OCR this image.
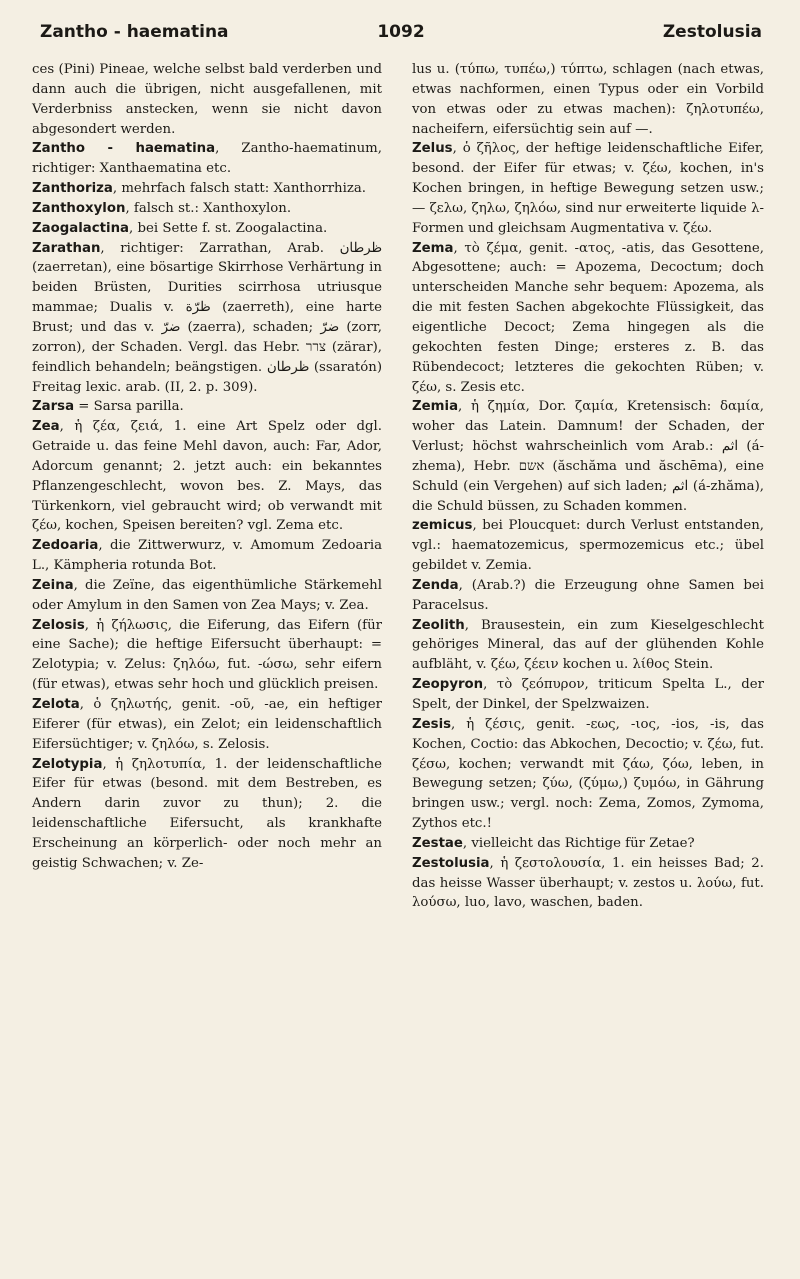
Zantho - haematina	1092	Zestolusia

ces (Pini) Pineae, welche selbst bald verderben und dann auch die übrigen, nicht ausgefallenen, mit Verderbniss anstecken, wenn sie nicht davon abgesondert werden.

Zantho - haematina, Zantho-haematinum, richtiger: Xanthaematina etc.

Zanthoriza, mehrfach falsch statt: Xanthorrhiza.

Zanthoxylon, falsch st.: Xanthoxylon.

Zaogalactina, bei Sette f. st. Zoogalactina.

Zarathan, richtiger: Zarrathan, Arab. ظرطان (zaerretan), eine bösartige Skirrhose Verhärtung in beiden Brüsten, Durities scirrhosa utriusque mammae; Dualis v. ظرّة (zaerreth), eine harte Brust; und das v. ضرّ (zaerra), schaden; ضرّ (zorr, zorron), der Schaden. Vergl. das Hebr. צרר (zärar), feindlich behandeln; beängstigen. ظرطان (ssaratón) Freitag lexic. arab. (II, 2. p. 309).

Zarsa = Sarsa parilla.

Zea, ἡ ζέα, ζειά, 1. eine Art Spelz oder dgl. Getraide u. das feine Mehl davon, auch: Far, Ador, Adorcum genannt; 2. jetzt auch: ein bekanntes Pflanzengeschlecht, wovon bes. Z. Mays, das Türkenkorn, viel gebraucht wird; ob verwandt mit ζέω, kochen, Speisen bereiten? vgl. Zema etc.

Zedoaria, die Zittwerwurz, v. Amomum Zedoaria L., Kämpheria rotunda Bot.

Zeina, die Zeïne, das eigenthümliche Stärkemehl oder Amylum in den Samen von Zea Mays; v. Zea.

Zelosis, ἡ ζήλωσις, die Eiferung, das Eifern (für eine Sache); die heftige Eifersucht überhaupt: = Zelotypia; v. Zelus: ζηλόω, fut. -ώσω, sehr eifern (für etwas), etwas sehr hoch und glücklich preisen.

Zelota, ὁ ζηλωτής, genit. -οῦ, -ae, ein heftiger Eiferer (für etwas), ein Zelot; ein leidenschaftlich Eifersüchtiger; v. ζηλόω, s. Zelosis.

Zelotypia, ἡ ζηλοτυπία, 1. der leidenschaftliche Eifer für etwas (besond. mit dem Bestreben, es Andern darin zuvor zu thun); 2. die leidenschaftliche Eifersucht, als krankhafte Erscheinung an körperlich- oder noch mehr an geistig Schwachen; v. Ze-

lus u. (τύπω, τυπέω,) τύπτω, schlagen (nach etwas, etwas nachformen, einen Typus oder ein Vorbild von etwas oder zu etwas machen): ζηλοτυπέω, nacheifern, eifersüchtig sein auf —.

Zelus, ὁ ζῆλος, der heftige leidenschaftliche Eifer, besond. der Eifer für etwas; v. ζέω, kochen, in's Kochen bringen, in heftige Bewegung setzen usw.; — ζελω, ζηλω, ζηλόω, sind nur erweiterte liquide λ-Formen und gleichsam Augmentativa v. ζέω.

Zema, τὸ ζέμα, genit. -ατος, -atis, das Gesottene, Abgesottene; auch: = Apozema, Decoctum; doch unterscheiden Manche sehr bequem: Apozema, als die mit festen Sachen abgekochte Flüssigkeit, das eigentliche Decoct; Zema hingegen als die gekochten festen Dinge; ersteres z. B. das Rübendecoct; letzteres die gekochten Rüben; v. ζέω, s. Zesis etc.

Zemia, ἡ ζημία, Dor. ζαμία, Kretensisch: δαμία, woher das Latein. Damnum! der Schaden, der Verlust; höchst wahrscheinlich vom Arab.: اثم (á-zhema), Hebr. אשם (ăschăma und ăschēma), eine Schuld (ein Vergehen) auf sich laden; اثم (á-zhăma), die Schuld büssen, zu Schaden kommen.

zemicus, bei Ploucquet: durch Verlust entstanden, vgl.: haematozemicus, spermozemicus etc.; übel gebildet v. Zemia.

Zenda, (Arab.?) die Erzeugung ohne Samen bei Paracelsus.

Zeolith, Brausestein, ein zum Kieselgeschlecht gehöriges Mineral, das auf der glühenden Kohle aufbläht, v. ζέω, ζέειν kochen u. λίθος Stein.

Zeopyron, τὸ ζεόπυρον, triticum Spelta L., der Spelt, der Dinkel, der Spelzwaizen.

Zesis, ἡ ζέσις, genit. -εως, -ιος, -ios, -is, das Kochen, Coctio: das Abkochen, Decoctio; v. ζέω, fut. ζέσω, kochen; verwandt mit ζάω, ζόω, leben, in Bewegung setzen; ζύω, (ζύμω,) ζυμόω, in Gährung bringen usw.; vergl. noch: Zema, Zomos, Zymoma, Zythos etc.!

Zestae, vielleicht das Richtige für Zetae?

Zestolusia, ἡ ζεστολουσία, 1. ein heisses Bad; 2. das heisse Wasser überhaupt; v. zestos u. λούω, fut. λούσω, luo, lavo, waschen, baden.
